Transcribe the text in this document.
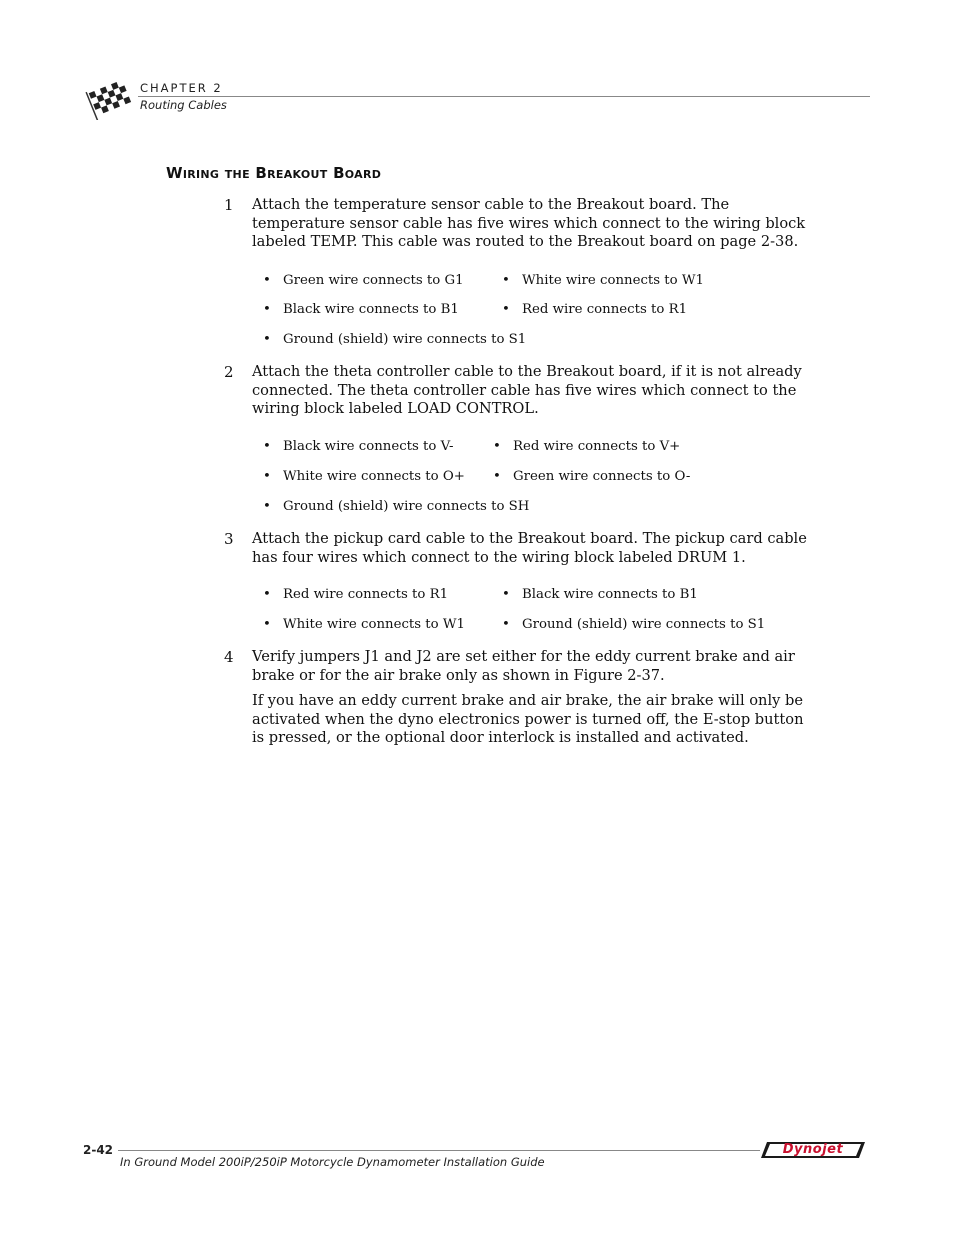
CHAPTER 2
Routing Cables
Wiring the Breakout Board
1 Attach the temperature sensor cable to the Breakout board. The temperature sensor cable has five wires which connect to the wiring block labeled TEMP. This cable was routed to the Breakout board on page 2-38.
• Green wire connects to G1	• White wire connects to W1
• Black wire connects to B1	• Red wire connects to R1
• Ground (shield) wire connects to S1
2 Attach the theta controller cable to the Breakout board, if it is not already connected. The theta controller cable has five wires which connect to the wiring block labeled LOAD CONTROL.
• Black wire connects to V-	• Red wire connects to V+
• White wire connects to O+ • Green wire connects to O-
• Ground (shield) wire connects to SH
3 Attach the pickup card cable to the Breakout board. The pickup card cable has four wires which connect to the wiring block labeled DRUM 1.
• Red wire connects to R1	• Black wire connects to B1
• White wire connects to W1	• Ground (shield) wire connects to S1
4 Verify jumpers J1 and J2 are set either for the eddy current brake and air brake or for the air brake only as shown in Figure 2-37.
If you have an eddy current brake and air brake, the air brake will only be activated when the dyno electronics power is turned off, the E-stop button is pressed, or the optional door interlock is installed and activated.
2-42
In Ground Model 200iP/250iP Motorcycle Dynamometer Installation Guide
Dynojet
